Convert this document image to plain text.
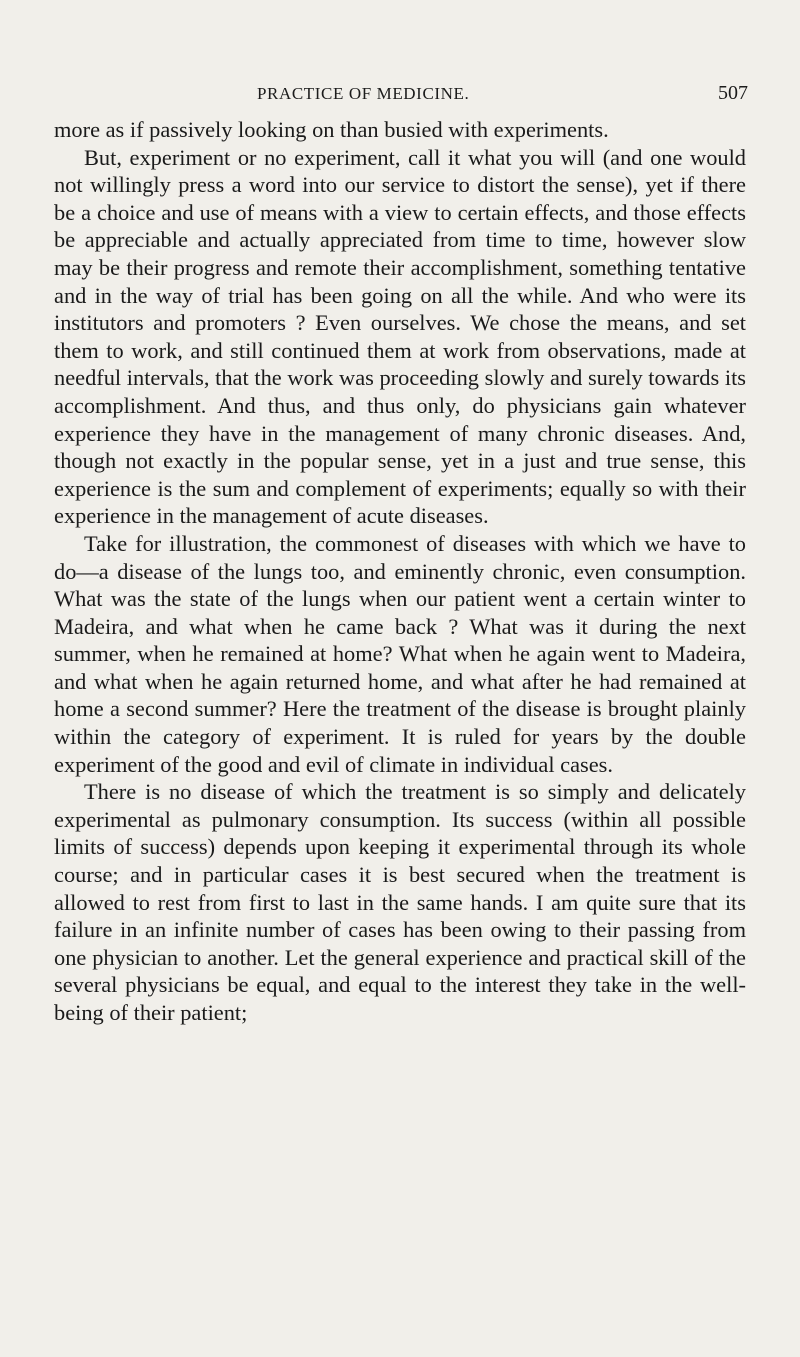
PRACTICE OF MEDICINE.	507

more as if passively looking on than busied with experiments.

But, experiment or no experiment, call it what you will (and one would not willingly press a word into our service to distort the sense), yet if there be a choice and use of means with a view to certain effects, and those effects be appreciable and actually appreciated from time to time, however slow may be their progress and remote their accomplishment, something tentative and in the way of trial has been going on all the while. And who were its institutors and promoters ? Even ourselves. We chose the means, and set them to work, and still continued them at work from observations, made at needful intervals, that the work was proceeding slowly and surely towards its accomplishment. And thus, and thus only, do physicians gain whatever experience they have in the management of many chronic diseases. And, though not exactly in the popular sense, yet in a just and true sense, this experience is the sum and complement of experiments; equally so with their experience in the management of acute diseases.

Take for illustration, the commonest of diseases with which we have to do—a disease of the lungs too, and eminently chronic, even consumption. What was the state of the lungs when our patient went a certain winter to Madeira, and what when he came back ? What was it during the next summer, when he remained at home? What when he again went to Madeira, and what when he again returned home, and what after he had remained at home a second summer? Here the treatment of the disease is brought plainly within the category of experiment. It is ruled for years by the double experiment of the good and evil of climate in individual cases.

There is no disease of which the treatment is so simply and delicately experimental as pulmonary consumption. Its success (within all possible limits of success) depends upon keeping it experimental through its whole course; and in particular cases it is best secured when the treatment is allowed to rest from first to last in the same hands. I am quite sure that its failure in an infinite number of cases has been owing to their passing from one physician to another. Let the general experience and practical skill of the several physicians be equal, and equal to the interest they take in the well-being of their patient;
